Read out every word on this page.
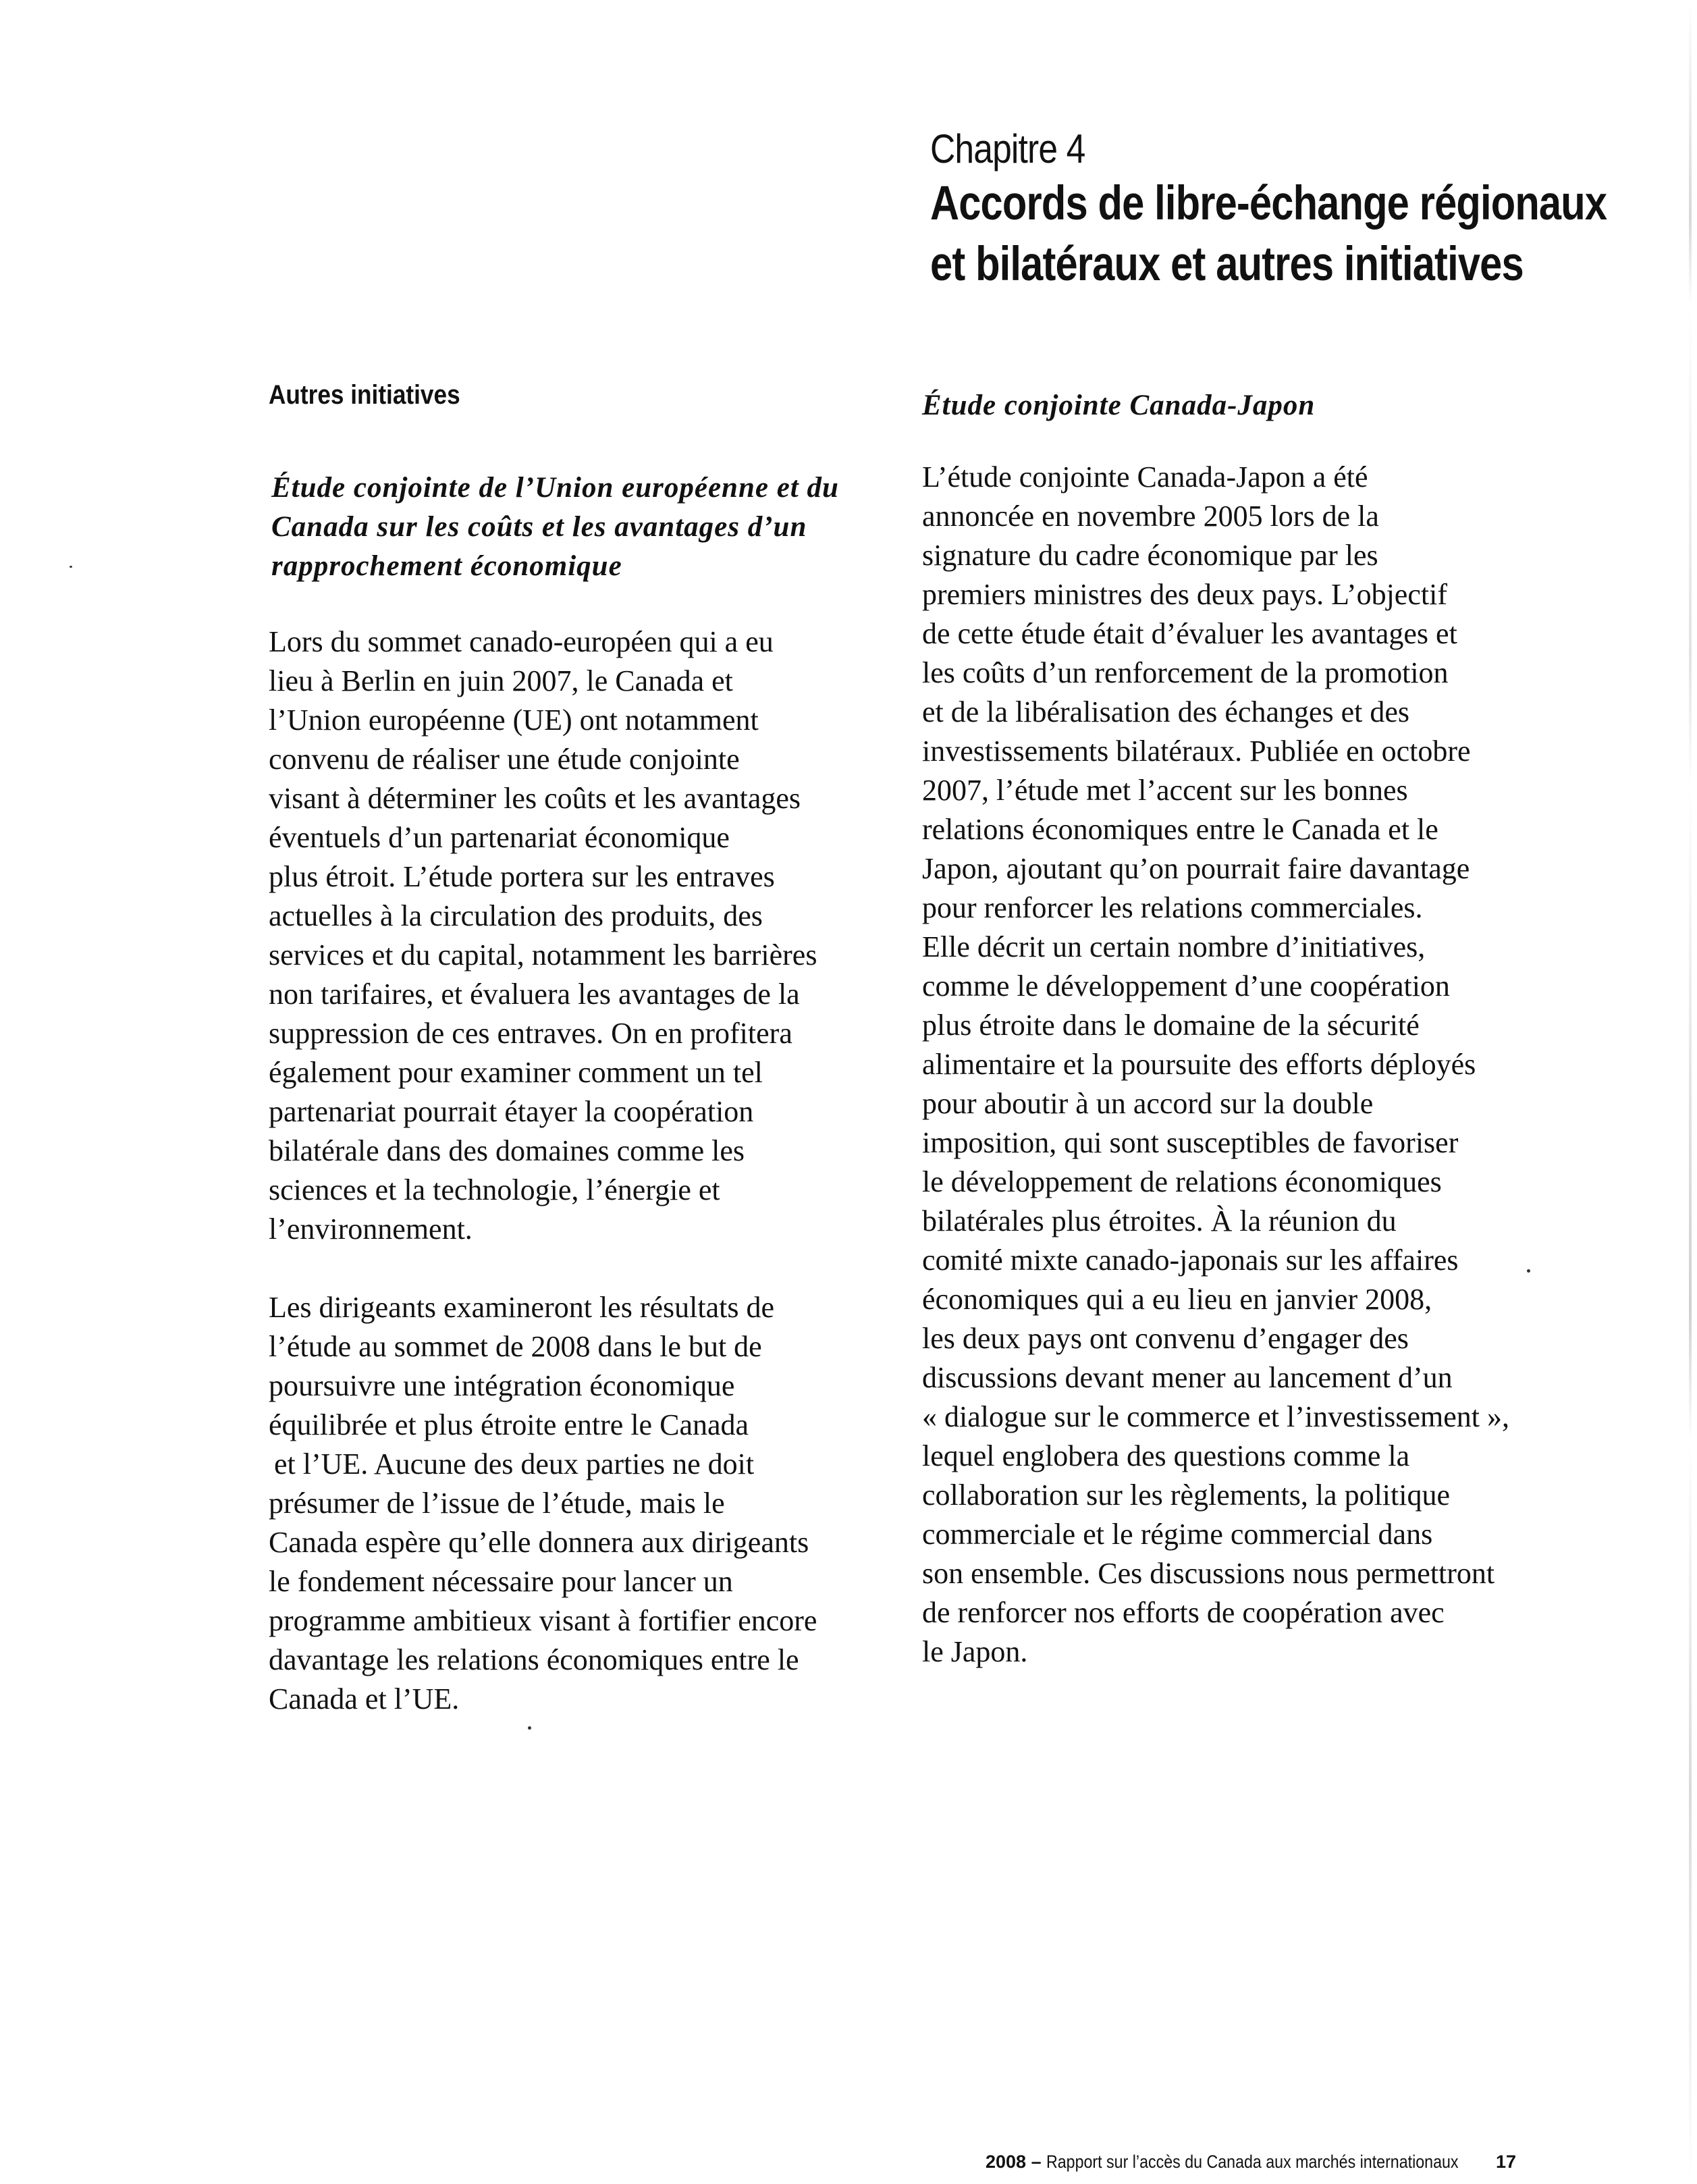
Chapitre 4
Accords de libre-échange régionaux
et bilatéraux et autres initiatives
Autres initiatives
Étude conjointe de l’Union européenne et du
Canada sur les coûts et les avantages d’un
rapprochement économique
Lors du sommet canado-européen qui a eu
lieu à Berlin en juin 2007, le Canada et
l’Union européenne (UE) ont notamment
convenu de réaliser une étude conjointe
visant à déterminer les coûts et les avantages
éventuels d’un partenariat économique
plus étroit. L’étude portera sur les entraves
actuelles à la circulation des produits, des
services et du capital, notamment les barrières
non tarifaires, et évaluera les avantages de la
suppression de ces entraves. On en profitera
également pour examiner comment un tel
partenariat pourrait étayer la coopération
bilatérale dans des domaines comme les
sciences et la technologie, l’énergie et
l’environnement.
Les dirigeants examineront les résultats de
l’étude au sommet de 2008 dans le but de
poursuivre une intégration économique
équilibrée et plus étroite entre le Canada
et l’UE. Aucune des deux parties ne doit
présumer de l’issue de l’étude, mais le
Canada espère qu’elle donnera aux dirigeants
le fondement nécessaire pour lancer un
programme ambitieux visant à fortifier encore
davantage les relations économiques entre le
Canada et l’UE.
Étude conjointe Canada-Japon
L’étude conjointe Canada-Japon a été
annoncée en novembre 2005 lors de la
signature du cadre économique par les
premiers ministres des deux pays. L’objectif
de cette étude était d’évaluer les avantages et
les coûts d’un renforcement de la promotion
et de la libéralisation des échanges et des
investissements bilatéraux. Publiée en octobre
2007, l’étude met l’accent sur les bonnes
relations économiques entre le Canada et le
Japon, ajoutant qu’on pourrait faire davantage
pour renforcer les relations commerciales.
Elle décrit un certain nombre d’initiatives,
comme le développement d’une coopération
plus étroite dans le domaine de la sécurité
alimentaire et la poursuite des efforts déployés
pour aboutir à un accord sur la double
imposition, qui sont susceptibles de favoriser
le développement de relations économiques
bilatérales plus étroites. À la réunion du
comité mixte canado-japonais sur les affaires
économiques qui a eu lieu en janvier 2008,
les deux pays ont convenu d’engager des
discussions devant mener au lancement d’un
« dialogue sur le commerce et l’investissement »,
lequel englobera des questions comme la
collaboration sur les règlements, la politique
commerciale et le régime commercial dans
son ensemble. Ces discussions nous permettront
de renforcer nos efforts de coopération avec
le Japon.
2008 – Rapport sur l’accès du Canada aux marchés internationaux 17
